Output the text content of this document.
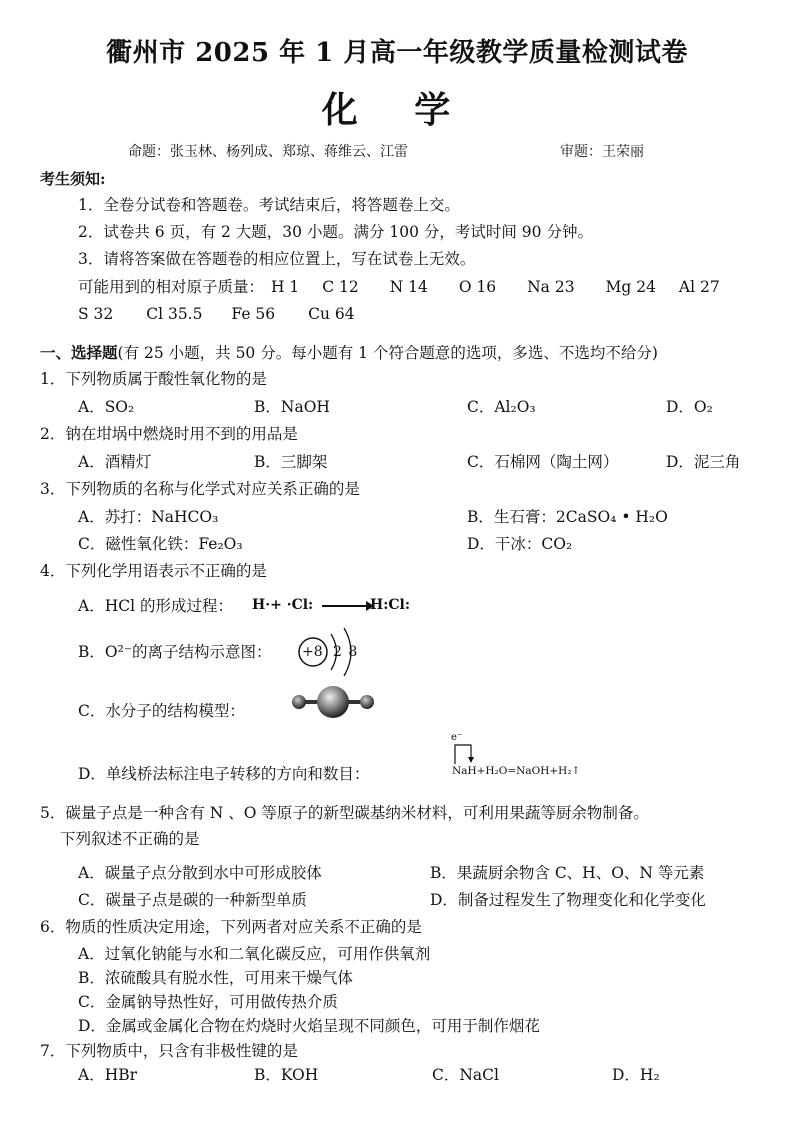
衢州市 2025 年 1 月高一年级教学质量检测试卷
化 学
命题：张玉林、杨列成、郑琼、蒋维云、江雷	审题：王荣丽
考生须知:
1．全卷分试卷和答题卷。考试结束后，将答题卷上交。
2．试卷共 6 页，有 2 大题，30 小题。满分 100 分，考试时间 90 分钟。
3．请将答案做在答题卷的相应位置上，写在试卷上无效。
可能用到的相对原子质量： H 1 C 12 N 14 O 16 Na 23 Mg 24 Al 27
S 32 Cl 35.5 Fe 56 Cu 64
一、选择题(有 25 小题，共 50 分。每小题有 1 个符合题意的选项，多选、不选均不给分)
1．下列物质属于酸性氧化物的是
A．SO₂	B．NaOH	C．Al₂O₃	D．O₂
2．钠在坩埚中燃烧时用不到的用品是
A．酒精灯	B．三脚架	C．石棉网（陶土网）	D．泥三角
3．下列物质的名称与化学式对应关系正确的是
A．苏打：NaHCO₃	B．生石膏：2CaSO₄ • H₂O
C．磁性氧化铁：Fe₂O₃	D．干冰：CO₂
4．下列化学用语表示不正确的是
A．HCl 的形成过程： H·+ ·Cl: →
H:Cl:
B．O²⁻的离子结构示意图： +8 2 8
C．水分子的结构模型：
D．单线桥法标注电子转移的方向和数目：
e⁻
NaH+H₂O=NaOH+H₂↑
5．碳量子点是一种含有 N 、O 等原子的新型碳基纳米材料，可利用果蔬等厨余物制备。
下列叙述不正确的是
A．碳量子点分散到水中可形成胶体	B．果蔬厨余物含 C、H、O、N 等元素
C．碳量子点是碳的一种新型单质	D．制备过程发生了物理变化和化学变化
6．物质的性质决定用途，下列两者对应关系不正确的是
A．过氧化钠能与水和二氧化碳反应，可用作供氧剂
B．浓硫酸具有脱水性，可用来干燥气体
C．金属钠导热性好，可用做传热介质
D．金属或金属化合物在灼烧时火焰呈现不同颜色，可用于制作烟花
7．下列物质中，只含有非极性键的是
A．HBr	B．KOH	C．NaCl	D．H₂
